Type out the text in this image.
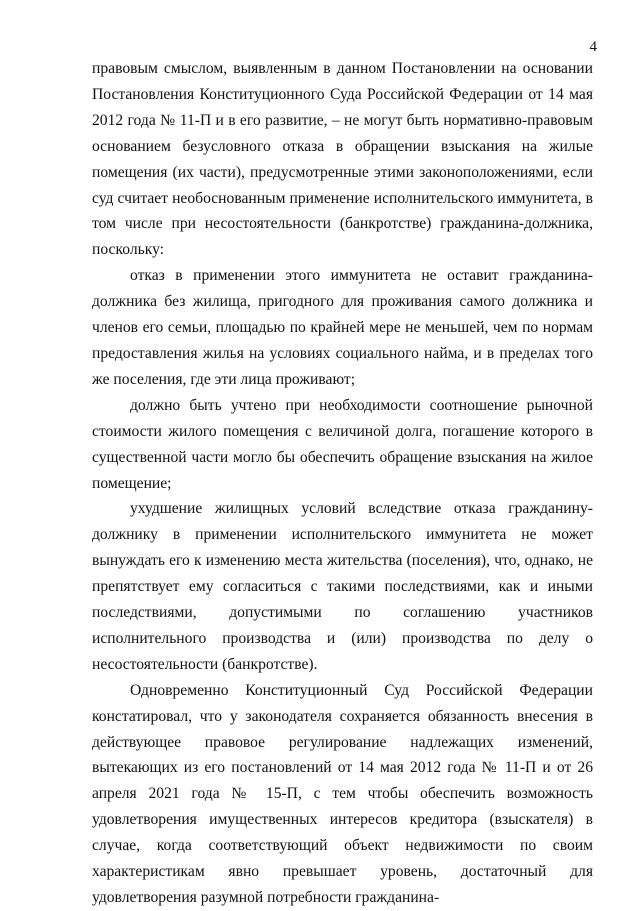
4

правовым смыслом, выявленным в данном Постановлении на основании Постановления Конституционного Суда Российской Федерации от 14 мая 2012 года № 11-П и в его развитие, – не могут быть нормативно-правовым основанием безусловного отказа в обращении взыскания на жилые помещения (их части), предусмотренные этими законоположениями, если суд считает необоснованным применение исполнительского иммунитета, в том числе при несостоятельности (банкротстве) гражданина-должника, поскольку:

отказ в применении этого иммунитета не оставит гражданина-должника без жилища, пригодного для проживания самого должника и членов его семьи, площадью по крайней мере не меньшей, чем по нормам предоставления жилья на условиях социального найма, и в пределах того же поселения, где эти лица проживают;

должно быть учтено при необходимости соотношение рыночной стоимости жилого помещения с величиной долга, погашение которого в существенной части могло бы обеспечить обращение взыскания на жилое помещение;

ухудшение жилищных условий вследствие отказа гражданину-должнику в применении исполнительского иммунитета не может вынуждать его к изменению места жительства (поселения), что, однако, не препятствует ему согласиться с такими последствиями, как и иными последствиями, допустимыми по соглашению участников исполнительного производства и (или) производства по делу о несостоятельности (банкротстве).

Одновременно Конституционный Суд Российской Федерации констатировал, что у законодателя сохраняется обязанность внесения в действующее правовое регулирование надлежащих изменений, вытекающих из его постановлений от 14 мая 2012 года № 11-П и от 26 апреля 2021 года № 15-П, с тем чтобы обеспечить возможность удовлетворения имущественных интересов кредитора (взыскателя) в случае, когда соответствующий объект недвижимости по своим характеристикам явно превышает уровень, достаточный для удовлетворения разумной потребности гражданина-
